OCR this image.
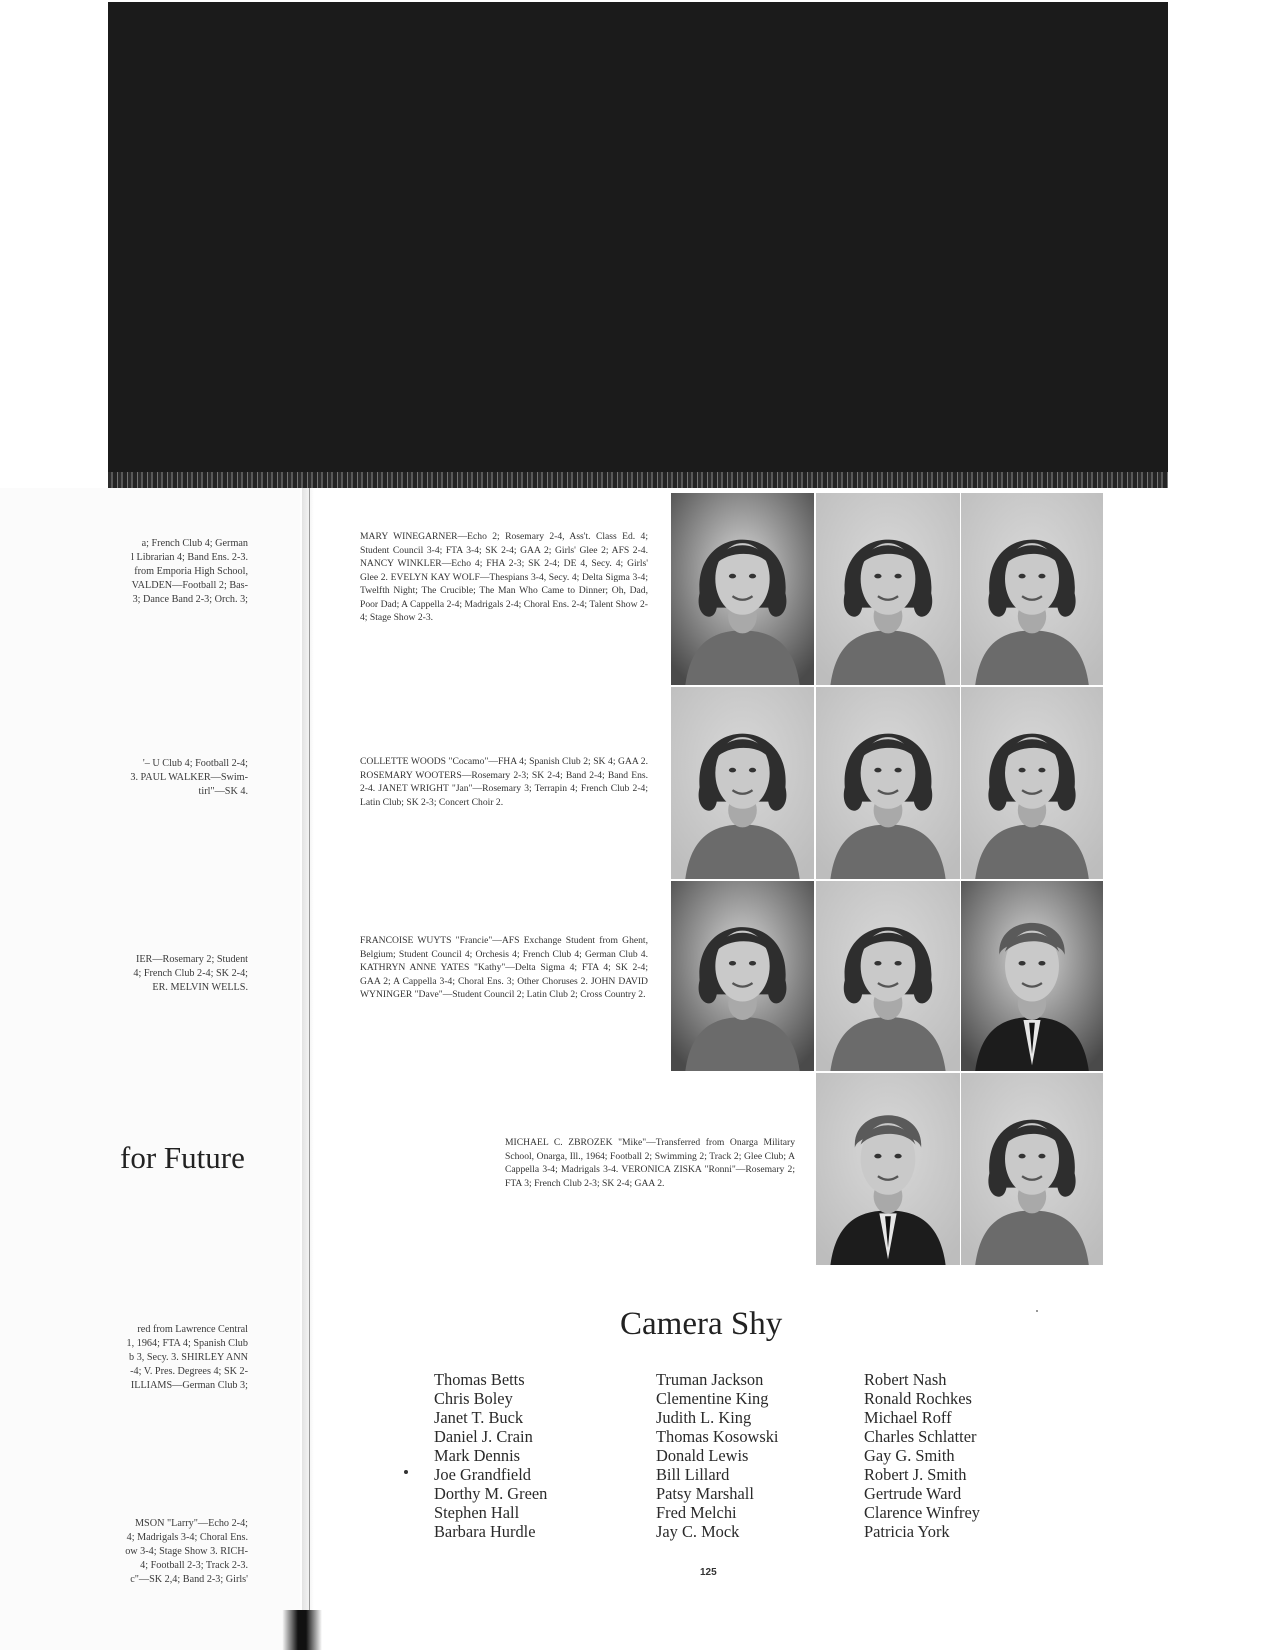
a; French Club 4; German
l Librarian 4; Band Ens. 2-3.
from Emporia High School,
VALDEN—Football 2; Bas-
3; Dance Band 2-3; Orch. 3;
'– U Club 4; Football 2-4;
3. PAUL WALKER—Swim-
tirl"—SK 4.
IER—Rosemary 2; Student
4; French Club 2-4; SK 2-4;
ER. MELVIN WELLS.
red from Lawrence Central
1, 1964; FTA 4; Spanish Club
b 3, Secy. 3. SHIRLEY ANN
-4; V. Pres. Degrees 4; SK 2-
ILLIAMS—German Club 3;
MSON "Larry"—Echo 2-4;
4; Madrigals 3-4; Choral Ens.
ow 3-4; Stage Show 3. RICH-
4; Football 2-3; Track 2-3.
c"—SK 2,4; Band 2-3; Girls'
for Future
MARY WINEGARNER—Echo 2; Rosemary 2-4, Ass't. Class Ed. 4; Student Council 3-4; FTA 3-4; SK 2-4; GAA 2; Girls' Glee 2; AFS 2-4. NANCY WINKLER—Echo 4; FHA 2-3; SK 2-4; DE 4, Secy. 4; Girls' Glee 2. EVELYN KAY WOLF—Thespians 3-4, Secy. 4; Delta Sigma 3-4; Twelfth Night; The Crucible; The Man Who Came to Dinner; Oh, Dad, Poor Dad; A Cappella 2-4; Madrigals 2-4; Choral Ens. 2-4; Talent Show 2-4; Stage Show 2-3.
COLLETTE WOODS "Cocamo"—FHA 4; Spanish Club 2; SK 4; GAA 2. ROSEMARY WOOTERS—Rosemary 2-3; SK 2-4; Band 2-4; Band Ens. 2-4. JANET WRIGHT "Jan"—Rosemary 3; Terrapin 4; French Club 2-4; Latin Club; SK 2-3; Concert Choir 2.
FRANCOISE WUYTS "Francie"—AFS Exchange Student from Ghent, Belgium; Student Council 4; Orchesis 4; French Club 4; German Club 4. KATHRYN ANNE YATES "Kathy"—Delta Sigma 4; FTA 4; SK 2-4; GAA 2; A Cappella 3-4; Choral Ens. 3; Other Choruses 2. JOHN DAVID WYNINGER "Dave"—Student Council 2; Latin Club 2; Cross Country 2.
MICHAEL C. ZBROZEK "Mike"—Transferred from Onarga Military School, Onarga, Ill., 1964; Football 2; Swimming 2; Track 2; Glee Club; A Cappella 3-4; Madrigals 3-4. VERONICA ZISKA "Ronni"—Rosemary 2; FTA 3; French Club 2-3; SK 2-4; GAA 2.
Camera Shy
Thomas Betts
Chris Boley
Janet T. Buck
Daniel J. Crain
Mark Dennis
Joe Grandfield
Dorthy M. Green
Stephen Hall
Barbara Hurdle
Truman Jackson
Clementine King
Judith L. King
Thomas Kosowski
Donald Lewis
Bill Lillard
Patsy Marshall
Fred Melchi
Jay C. Mock
Robert Nash
Ronald Rochkes
Michael Roff
Charles Schlatter
Gay G. Smith
Robert J. Smith
Gertrude Ward
Clarence Winfrey
Patricia York
125
